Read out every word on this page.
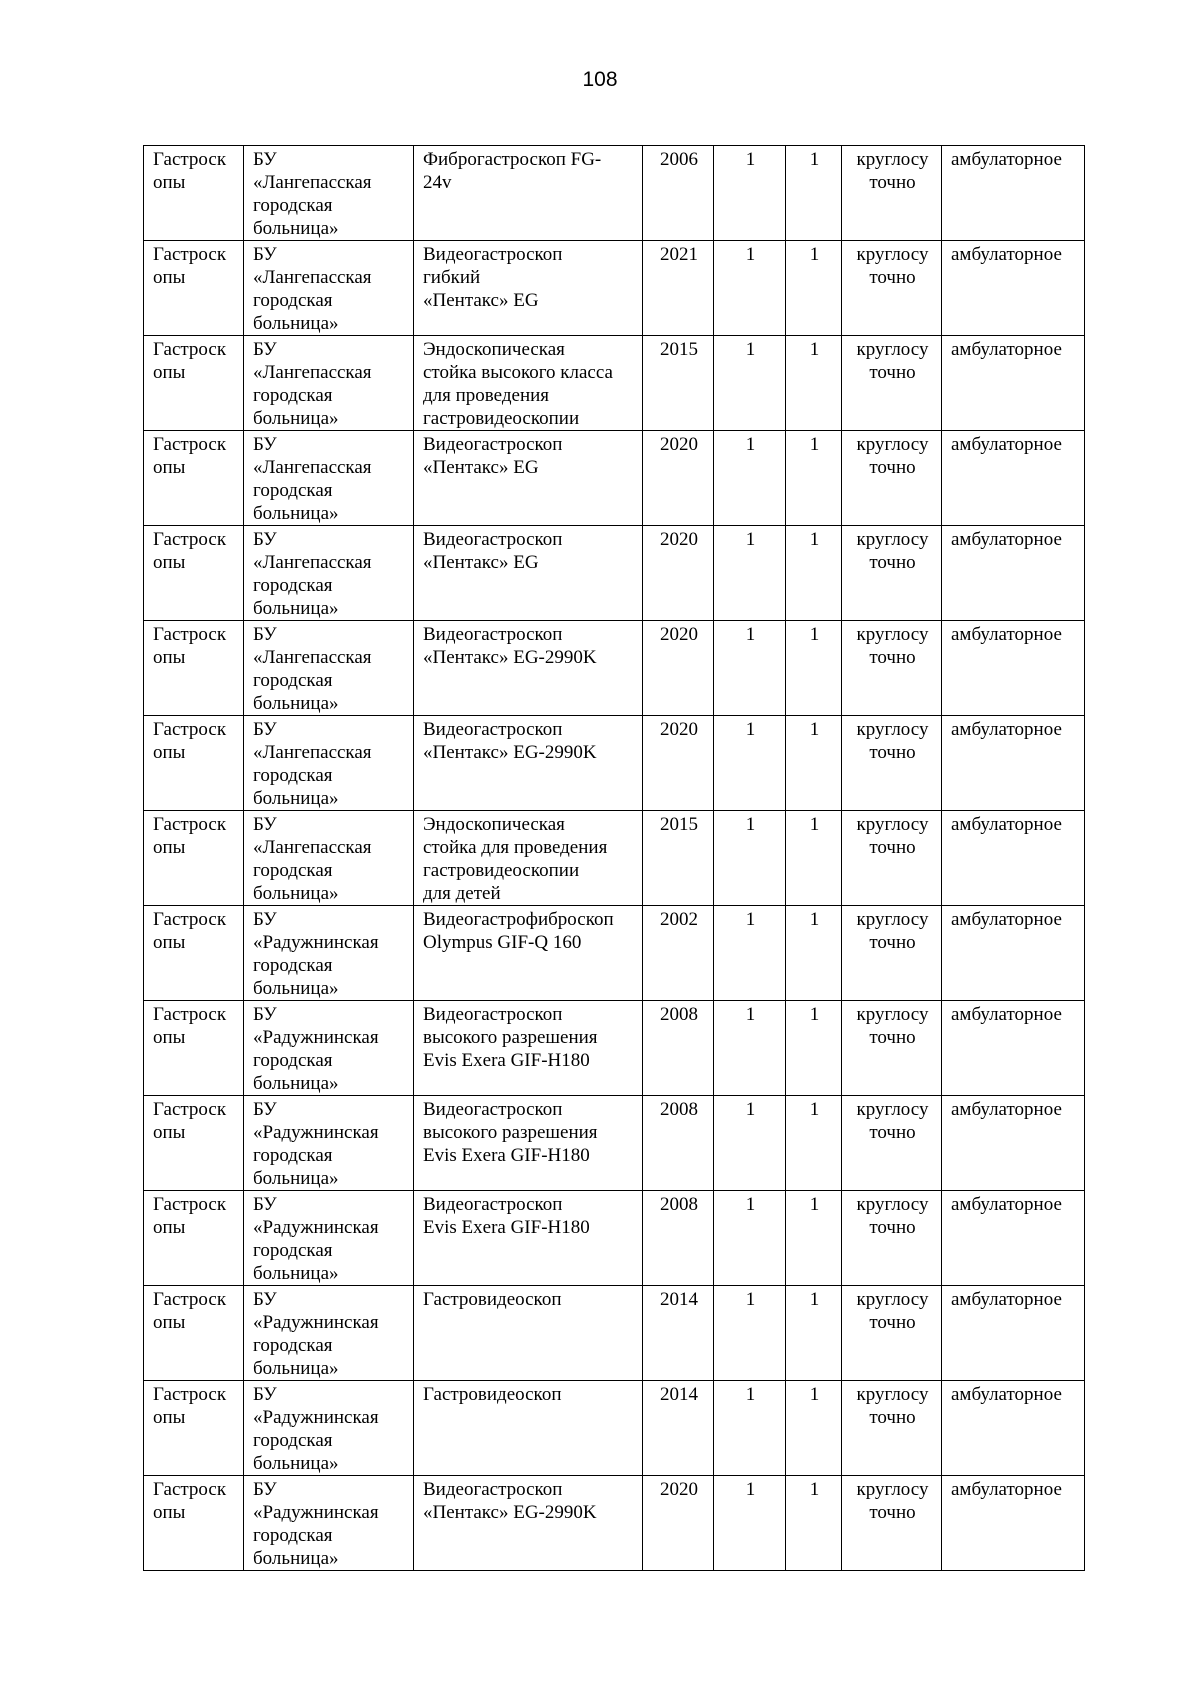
108
Гастроск
опы	БУ
«Лангепасская
городская
больница»	Фиброгастроскоп FG-
24v	2006	1	1	круглосу
точно	амбулаторное
Гастроск
опы	БУ
«Лангепасская
городская
больница»	Видеогастроскоп
гибкий
«Пентакс» EG	2021	1	1	круглосу
точно	амбулаторное
Гастроск
опы	БУ
«Лангепасская
городская
больница»	Эндоскопическая
стойка высокого класса
для проведения
гастровидеоскопии	2015	1	1	круглосу
точно	амбулаторное
Гастроск
опы	БУ
«Лангепасская
городская
больница»	Видеогастроскоп
«Пентакс» EG	2020	1	1	круглосу
точно	амбулаторное
Гастроск
опы	БУ
«Лангепасская
городская
больница»	Видеогастроскоп
«Пентакс» EG	2020	1	1	круглосу
точно	амбулаторное
Гастроск
опы	БУ
«Лангепасская
городская
больница»	Видеогастроскоп
«Пентакс» EG-2990K	2020	1	1	круглосу
точно	амбулаторное
Гастроск
опы	БУ
«Лангепасская
городская
больница»	Видеогастроскоп
«Пентакс» EG-2990K	2020	1	1	круглосу
точно	амбулаторное
Гастроск
опы	БУ
«Лангепасская
городская
больница»	Эндоскопическая
стойка для проведения
гастровидеоскопии
для детей	2015	1	1	круглосу
точно	амбулаторное
Гастроск
опы	БУ
«Радужнинская
городская
больница»	Видеогастрофиброскоп
Olympus GIF-Q 160	2002	1	1	круглосу
точно	амбулаторное
Гастроск
опы	БУ
«Радужнинская
городская
больница»	Видеогастроскоп
высокого разрешения
Evis Exera GIF-H180	2008	1	1	круглосу
точно	амбулаторное
Гастроск
опы	БУ
«Радужнинская
городская
больница»	Видеогастроскоп
высокого разрешения
Evis Exera GIF-H180	2008	1	1	круглосу
точно	амбулаторное
Гастроск
опы	БУ
«Радужнинская
городская
больница»	Видеогастроскоп
Evis Exera GIF-H180	2008	1	1	круглосу
точно	амбулаторное
Гастроск
опы	БУ
«Радужнинская
городская
больница»	Гастровидеоскоп	2014	1	1	круглосу
точно	амбулаторное
Гастроск
опы	БУ
«Радужнинская
городская
больница»	Гастровидеоскоп	2014	1	1	круглосу
точно	амбулаторное
Гастроск
опы	БУ
«Радужнинская
городская
больница»	Видеогастроскоп
«Пентакс» EG-2990K	2020	1	1	круглосу
точно	амбулаторное
